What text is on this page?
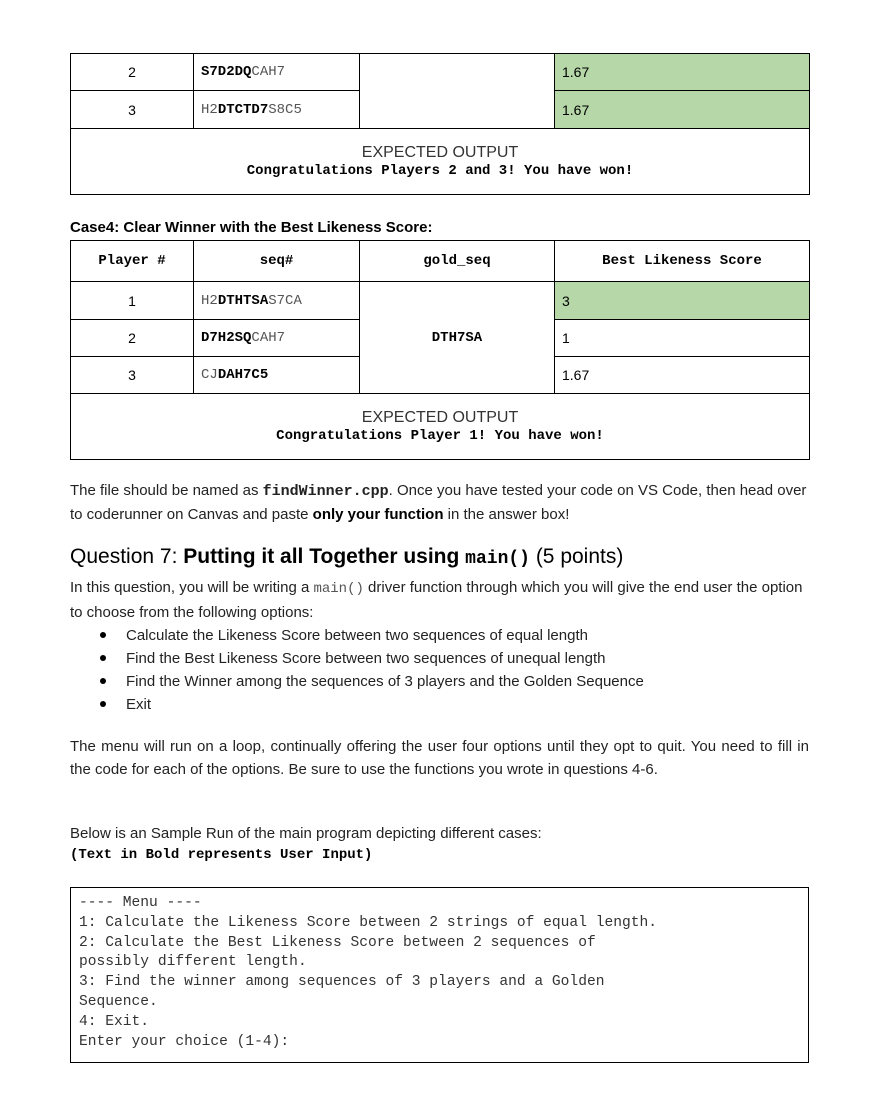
2	S7D2DQCAH7		1.67
3	H2DTCTD7S8C5		1.67

EXPECTED OUTPUT
Congratulations Players 2 and 3! You have won!			
Case4: Clear Winner with the Best Likeness Score:
Player #	seq#	gold_seq	Best Likeness Score
1	H2DTHTSAS7CA	DTH7SA	3
2	D7H2SQCAH7		1
3	CJDAH7C5		1.67

EXPECTED OUTPUT
Congratulations Player 1! You have won!			
The file should be named as findWinner.cpp. Once you have tested your code on VS Code, then head over to coderunner on Canvas and paste only your function in the answer box!
Question 7: Putting it all Together using main() (5 points)
In this question, you will be writing a main() driver function through which you will give the end user the option to choose from the following options:
Calculate the Likeness Score between two sequences of equal length
Find the Best Likeness Score between two sequences of unequal length
Find the Winner among the sequences of 3 players and the Golden Sequence
Exit
The menu will run on a loop, continually offering the user four options until they opt to quit. You need to fill in the code for each of the options. Be sure to use the functions you wrote in questions 4-6.
Below is an Sample Run of the main program depicting different cases:
(Text in Bold represents User Input)
---- Menu ----
1: Calculate the Likeness Score between 2 strings of equal length.
2: Calculate the Best Likeness Score between 2 sequences of
possibly different length.
3: Find the winner among sequences of 3 players and a Golden
Sequence.
4: Exit.
Enter your choice (1-4):
